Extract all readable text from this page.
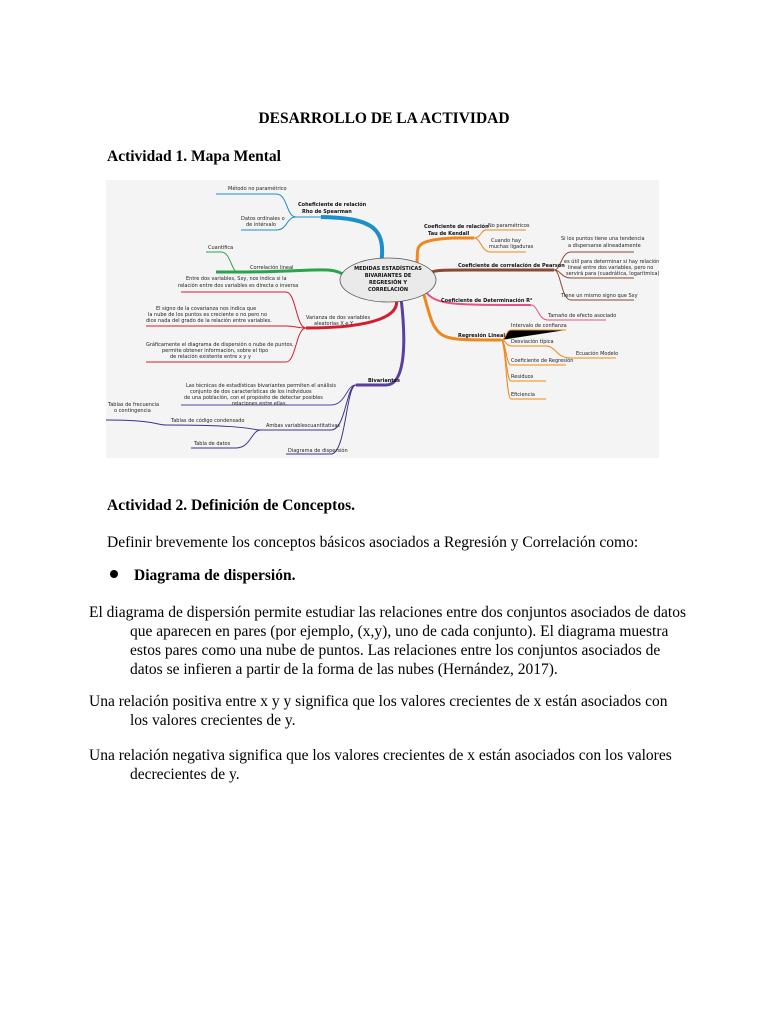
DESARROLLO DE LA ACTIVIDAD
Actividad 1. Mapa Mental
MEDIDAS ESTADÍSTICAS
BIVARIANTES DE
REGRESIÓN Y
CORRELACIÓN
Método no paramétrico
Coheficiente de relación
Rho de Spearman
Datos ordinales o
de intérvalo	Coeficiente de relación
Tau de Kendall
No paramétricos
Cuando hay
muchas ligaduras
Coeficiente de correlación de Pearson
Si los puntos tiene una tendencia
a dispersarse alineadamente
es útil para determinar si hay relación
lineal entre dos variables, pero no
servirá para (cuadrática, logarítmica)
Tiene un mismo signo que Sxy
Coeficiente de Determinación R²
Tamaño de efecto asociado
Cuantifica
Correlación lineal
Varianza de dos variables
aleatorias X e Y
Entre dos variables, Sxy, nos indica si la
relación entre dos variables es directa o inversa
El signo de la covarianza nos indica que
la nube de los puntos es creciente o no pero no
dice nada del grado de la relación entre variables.
Gráficamente el diagrama de dispersión o nube de puntos,
permite obtener información, sobre el tipo
de relación existente entre x y y
Regresión Lineal
Intervalo de confianza
Desviación típica
Coeficiente de Regresión
Residuos
Eficiencia
Ecuación Modelo
Bivariantes
Las técnicas de estadísticas bivariantes permiten el análisis
conjunto de dos características de los individuos
de una población, con el propósito de detectar posibles
relaciones entre ellas.
Ambas variablescuantitativas
Tablas de código condensado
Tablas de frecuencia
o contingencia
Tabla de datos
Diagrama de dispersión
Actividad 2. Definición de Conceptos.
Definir brevemente los conceptos básicos asociados a Regresión y Correlación como:
Diagrama de dispersión.
El diagrama de dispersión permite estudiar las relaciones entre dos conjuntos asociados de datos
que aparecen en pares (por ejemplo, (x,y), uno de cada conjunto). El diagrama muestra
estos pares como una nube de puntos. Las relaciones entre los conjuntos asociados de
datos se infieren a partir de la forma de las nubes (Hernández, 2017).
Una relación positiva entre x y y significa que los valores crecientes de x están asociados con
los valores crecientes de y.
Una relación negativa significa que los valores crecientes de x están asociados con los valores
decrecientes de y.
